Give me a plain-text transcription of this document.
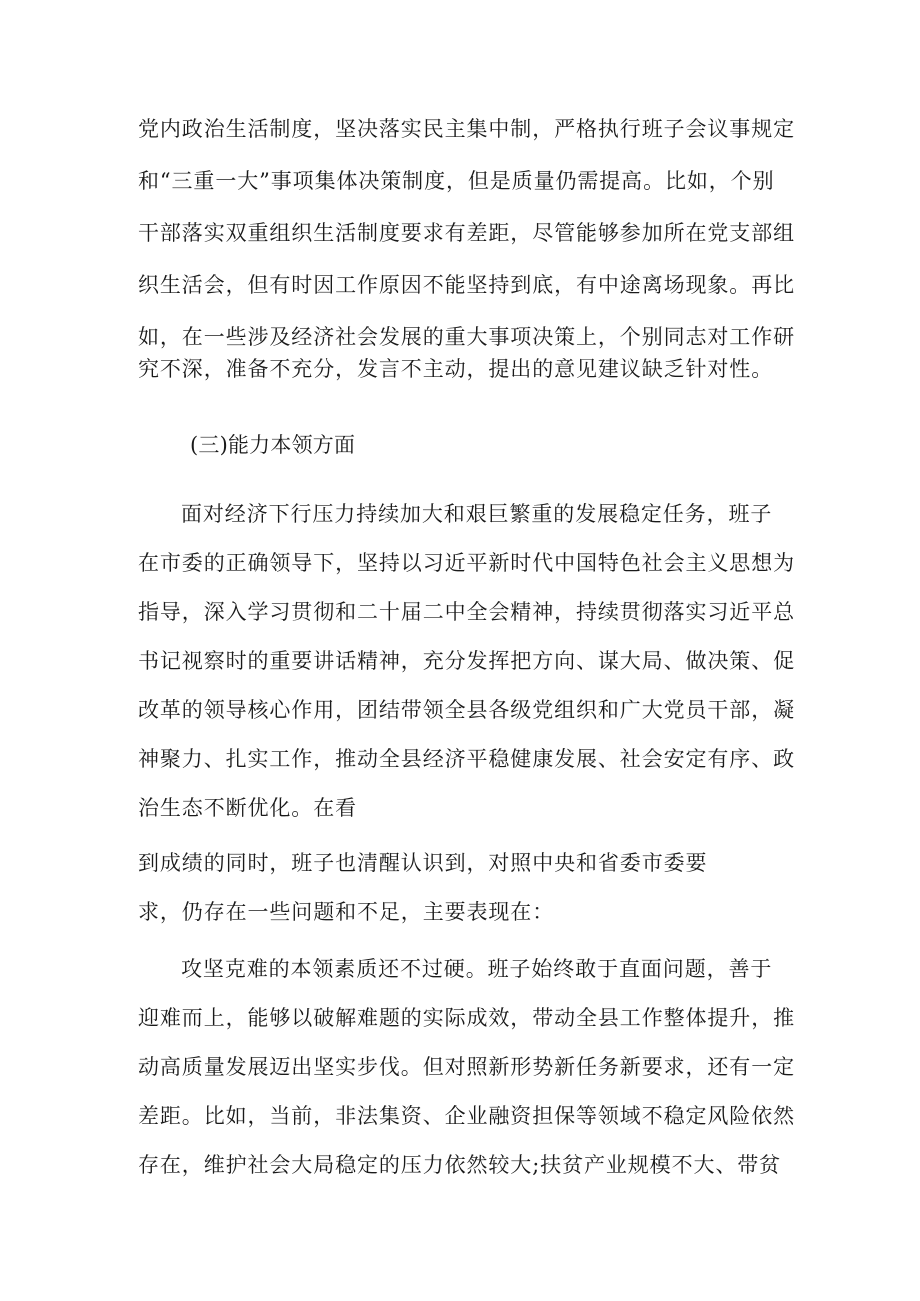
党内政治生活制度，坚决落实民主集中制，严格执行班子会议事规定
和“三重一大”事项集体决策制度，但是质量仍需提高。比如，个别
干部落实双重组织生活制度要求有差距，尽管能够参加所在党支部组
织生活会，但有时因工作原因不能坚持到底，有中途离场现象。再比
如，在一些涉及经济社会发展的重大事项决策上，个别同志对工作研
究不深，准备不充分，发言不主动，提出的意见建议缺乏针对性。
(三)能力本领方面
面对经济下行压力持续加大和艰巨繁重的发展稳定任务，班子
在市委的正确领导下，坚持以习近平新时代中国特色社会主义思想为
指导，深入学习贯彻和二十届二中全会精神，持续贯彻落实习近平总
书记视察时的重要讲话精神，充分发挥把方向、谋大局、做决策、促
改革的领导核心作用，团结带领全县各级党组织和广大党员干部，凝
神聚力、扎实工作，推动全县经济平稳健康发展、社会安定有序、政
治生态不断优化。在看
到成绩的同时，班子也清醒认识到，对照中央和省委市委要
求，仍存在一些问题和不足，主要表现在：
攻坚克难的本领素质还不过硬。班子始终敢于直面问题，善于
迎难而上，能够以破解难题的实际成效，带动全县工作整体提升，推
动高质量发展迈出坚实步伐。但对照新形势新任务新要求，还有一定
差距。比如，当前，非法集资、企业融资担保等领域不稳定风险依然
存在，维护社会大局稳定的压力依然较大;扶贫产业规模不大、带贫
